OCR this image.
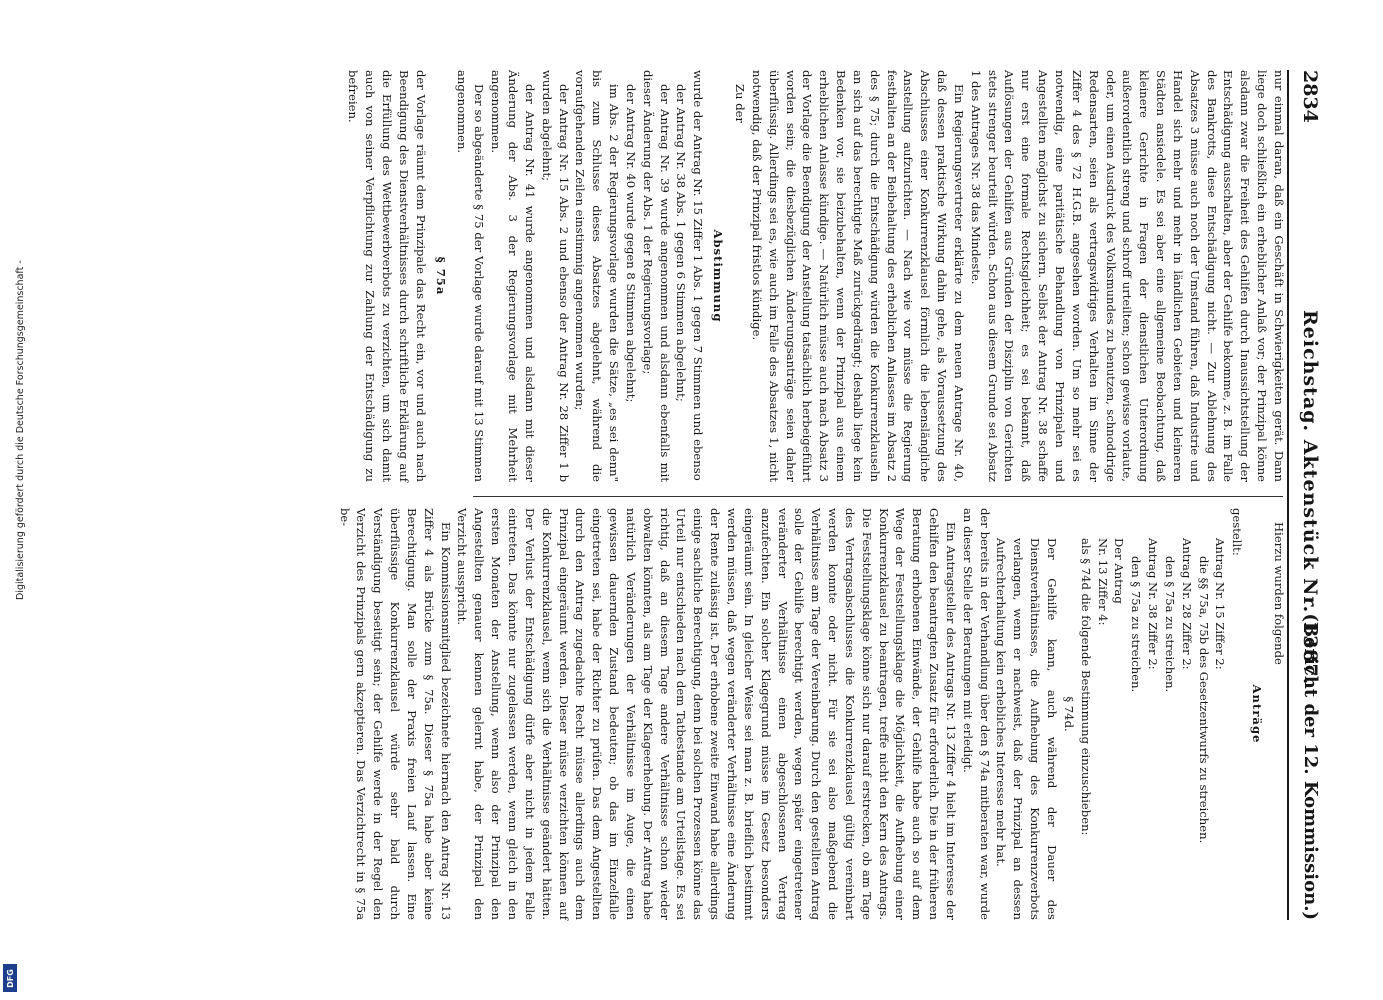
Digitalisierung gefördert durch die Deutsche Forschungsgemeinschaft -
DFG
2834
Reichstag. Aktenstück Nr. 1387.
(Bericht der 12. Kommission.)

nur einmal daran, daß ein Geschäft in Schwierigkeiten gerät. Dann liege doch schließlich ein erheblicher Anlaß vor; der Prinzipal könne alsdann zwar die Freiheit des Gehilfen durch Inaussichtstellung der Entschädigung ausschalten, aber der Gehilfe bekomme, z. B. im Falle des Bankrotts, diese Entschädigung nicht. — Zur Ablehnung des Absatzes 3 müsse auch noch der Umstand führen, daß Industrie und Handel sich mehr und mehr in ländlichen Gebieten und kleineren Städten ansiedele. Es sei aber eine allgemeine Beobachtung, daß kleinere Gerichte in Fragen der dienstlichen Unterordnung außerordentlich streng und schroff urteilten; schon gewisse vorlaute, oder, um einen Ausdruck des Volksmundes zu benutzen, schnoddrige Redensarten, seien als vertragswidriges Verhalten im Sinne der Ziffer 4 des § 72 H.G.B. angesehen worden. Um so mehr sei es notwendig, eine paritätische Behandlung von Prinzipalen und Angestellten möglichst zu sichern. Selbst der Antrag Nr. 38 schaffe nur erst eine formale Rechtsgleichheit; es sei bekannt, daß Auflösungen der Gehilfen aus Gründen der Disziplin von Gerichten stets strenger beurteilt würden. Schon aus diesem Grunde sei Absatz 1 des Antrages Nr. 38 das Mindeste.

Ein Regierungsvertreter erklärte zu dem neuen Antrage Nr. 40, daß dessen praktische Wirkung dahin gehe, als Voraussetzung des Abschlusses einer Konkurrenzklausel förmlich die lebenslängliche Anstellung aufzurichten. — Nach wie vor müsse die Regierung festhalten an der Beibehaltung des erheblichen Anlasses im Absatz 2 des § 75; durch die Entschädigung würden die Konkurrenzklauseln an sich auf das berechtigte Maß zurückgedrängt; deshalb liege kein Bedenken vor, sie beizubehalten, wenn der Prinzipal aus einem erheblichen Anlasse kündige. — Natürlich müsse auch nach Absatz 3 der Vorlage die Beendigung der Anstellung tatsächlich herbeigeführt worden sein; die diesbezüglichen Änderungsanträge seien daher überflüssig. Allerdings sei es, wie auch im Falle des Absatzes 1, nicht notwendig, daß der Prinzipal fristlos kündige.

Zu der

Abstimmung

wurde der Antrag Nr. 15 Ziffer 1 Abs. 1 gegen 7 Stimmen und ebenso

der Antrag Nr. 38 Abs. 1 gegen 6 Stimmen abgelehnt;

der Antrag Nr. 39 wurde angenommen und alsdann ebenfalls mit dieser Änderung der Abs. 1 der Regierungsvorlage;

der Antrag Nr. 40 wurde gegen 8 Stimmen abgelehnt;

im Abs. 2 der Regierungsvorlage wurden die Sätze, „es sei denn" bis zum Schlusse dieses Absatzes abgelehnt, während die voraufgehenden Zeilen einstimmig angenommen wurden;

der Antrag Nr. 15 Abs. 2 und ebenso der Antrag Nr. 28 Ziffer 1 b wurden abgelehnt;

der Antrag Nr. 41 wurde angenommen und alsdann mit dieser Änderung der Abs. 3 der Regierungsvorlage mit Mehrheit angenommen.

Der so abgeänderte § 75 der Vorlage wurde darauf mit 13 Stimmen angenommen.

§ 75a

der Vorlage räumt dem Prinzipale das Recht ein, vor und auch nach Beendigung des Dienstverhältnisses durch schriftliche Erklärung auf die Erfüllung des Wettbewerbverbots zu verzichten, um sich damit auch von seiner Verpflichtung zur Zahlung der Entschädigung zu befreien.

Hierzu wurden folgende

Anträge

gestellt:

Antrag Nr. 15 Ziffer 2:

die §§ 75a, 75b des Gesetzentwurfs zu streichen.

Antrag Nr. 28 Ziffer 2:

den § 75a zu streichen.

Antrag Nr. 38 Ziffer 2:

den § 75a zu streichen.

Der Antrag

Nr. 13 Ziffer 4:

als § 74d die folgende Bestimmung einzuschieben:

§ 74d.

Der Gehilfe kann, auch während der Dauer des Dienstverhältnisses, die Aufhebung des Konkurrenzverbots verlangen, wenn er nachweist, daß der Prinzipal an dessen Aufrechterhaltung kein erhebliches Interesse mehr hat.

der bereits in der Verhandlung über den § 74a mitberaten war, wurde an dieser Stelle der Beratungen mit erledigt.

Ein Antragsteller des Antrags Nr. 13 Ziffer 4 hielt im Interesse der Gehilfen den beantragten Zusatz für erforderlich. Die in der früheren Beratung erhobenen Einwände, der Gehilfe habe auch so auf dem Wege der Feststellungsklage die Möglichkeit, die Aufhebung einer Konkurrenzklausel zu beantragen, treffe nicht den Kern des Antrags. Die Feststellungsklage könne sich nur darauf erstrecken, ob am Tage des Vertragsabschlusses die Konkurrenzklausel gültig vereinbart werden konnte oder nicht. Für sie sei also maßgebend die Verhältnisse am Tage der Vereinbarung. Durch den gestellten Antrag solle der Gehilfe berechtigt werden, wegen später eingetretener veränderter Verhältnisse einen abgeschlossenen Vertrag anzufechten. Ein solcher Klagegrund müsse im Gesetz besonders eingeräumt sein. In gleicher Weise sei man z. B. brieflich bestimmt werden müssen, daß wegen veränderter Verhältnisse eine Änderung der Rente zulässig ist. Der erhobene zweite Einwand habe allerdings einige sachliche Berechtigung, denn bei solchen Prozessen könne das Urteil nur entschieden nach dem Tatbestande am Urteilstage. Es sei richtig, daß an diesem Tage andere Verhältnisse schon wieder obwalten könnten, als am Tage der Klageerhebung. Der Antrag habe natürlich Veränderungen der Verhältnisse im Auge, die einen gewissen dauernden Zustand bedeuten; ob das im Einzelfalle eingetreten sei, habe der Richter zu prüfen. Das dem Angestellten durch den Antrag zugedachte Recht müsse allerdings auch dem Prinzipal eingeräumt werden. Dieser müsse verzichten können auf die Konkurrenzklausel, wenn sich die Verhältnisse geändert hätten. Der Verlust der Entschädigung dürfe aber nicht in jedem Falle eintreten. Das könnte nur zugelassen werden, wenn gleich in den ersten Monaten der Anstellung, wenn also der Prinzipal den Angestellten genauer kennen gelernt habe, der Prinzipal den Verzicht ausspricht.

Ein Kommissionsmitglied bezeichnete hiernach den Antrag Nr. 13 Ziffer 4 als Brücke zum § 75a. Dieser § 75a habe aber keine Berechtigung. Man solle der Praxis freien Lauf lassen. Eine überflüssige Konkurrenzklausel würde sehr bald durch Verständigung beseitigt sein; der Gehilfe werde in der Regel den Verzicht des Prinzipals gern akzeptieren. Das Verzichtrecht in § 75a be-
